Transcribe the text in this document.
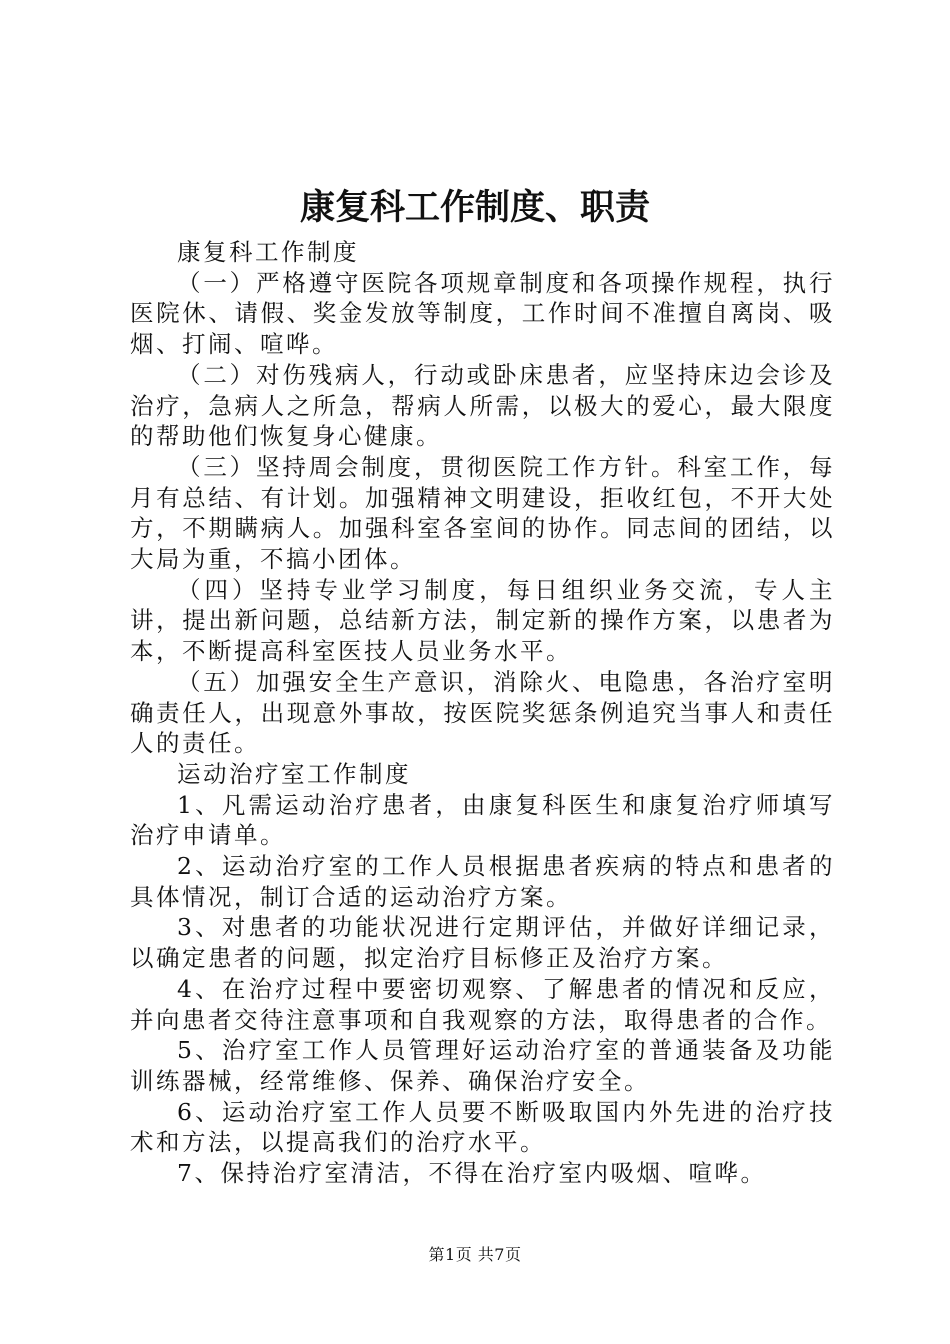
康复科工作制度、职责

康复科工作制度

（一）严格遵守医院各项规章制度和各项操作规程，执行医院休、请假、奖金发放等制度，工作时间不准擅自离岗、吸烟、打闹、喧哗。

（二）对伤残病人，行动或卧床患者，应坚持床边会诊及治疗，急病人之所急，帮病人所需，以极大的爱心，最大限度的帮助他们恢复身心健康。

（三）坚持周会制度，贯彻医院工作方针。科室工作，每月有总结、有计划。加强精神文明建设，拒收红包，不开大处方，不期瞒病人。加强科室各室间的协作。同志间的团结，以大局为重，不搞小团体。

（四）坚持专业学习制度，每日组织业务交流，专人主讲，提出新问题，总结新方法，制定新的操作方案，以患者为本，不断提高科室医技人员业务水平。

（五）加强安全生产意识，消除火、电隐患，各治疗室明确责任人，出现意外事故，按医院奖惩条例追究当事人和责任人的责任。

运动治疗室工作制度

1、凡需运动治疗患者，由康复科医生和康复治疗师填写治疗申请单。

2、运动治疗室的工作人员根据患者疾病的特点和患者的具体情况，制订合适的运动治疗方案。

3、对患者的功能状况进行定期评估，并做好详细记录，以确定患者的问题，拟定治疗目标修正及治疗方案。

4、在治疗过程中要密切观察、了解患者的情况和反应，并向患者交待注意事项和自我观察的方法，取得患者的合作。

5、治疗室工作人员管理好运动治疗室的普通装备及功能训练器械，经常维修、保养、确保治疗安全。

6、运动治疗室工作人员要不断吸取国内外先进的治疗技术和方法，以提高我们的治疗水平。

7、保持治疗室清洁，不得在治疗室内吸烟、喧哗。

第1页 共7页
